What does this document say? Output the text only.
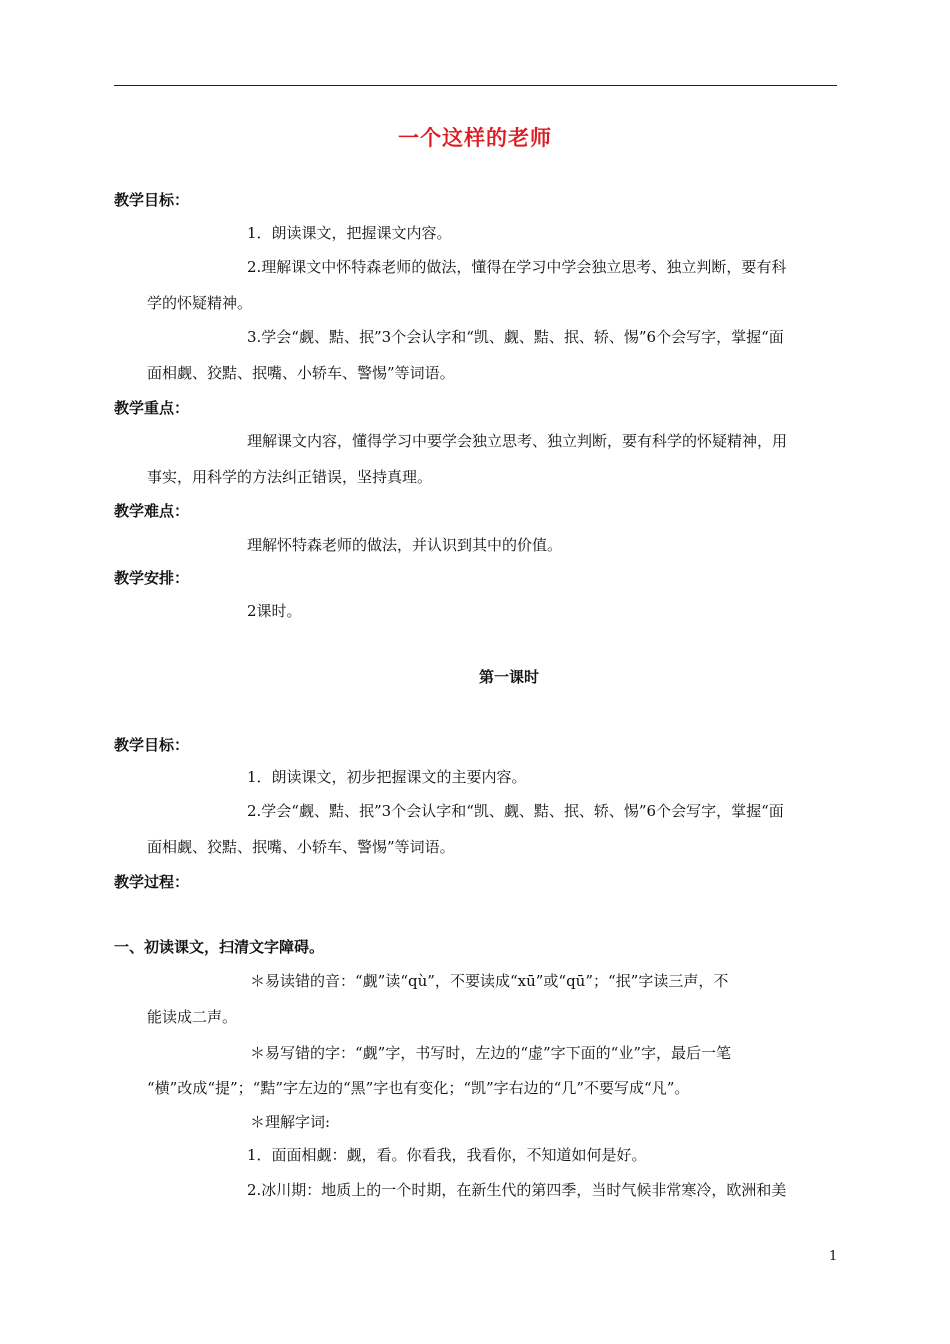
一个这样的老师
教学目标：
1．朗读课文，把握课文内容。
2.理解课文中怀特森老师的做法，懂得在学习中学会独立思考、独立判断，要有科
学的怀疑精神。
3.学会“觑、黠、抿”3个会认字和“凯、觑、黠、抿、轿、惕”6个会写字，掌握“面
面相觑、狡黠、抿嘴、小轿车、警惕”等词语。
教学重点：
理解课文内容，懂得学习中要学会独立思考、独立判断，要有科学的怀疑精神，用
事实，用科学的方法纠正错误，坚持真理。
教学难点：
理解怀特森老师的做法，并认识到其中的价值。
教学安排：
2课时。
第一课时
教学目标：
1．朗读课文，初步把握课文的主要内容。
2.学会“觑、黠、抿”3个会认字和“凯、觑、黠、抿、轿、惕”6个会写字，掌握“面
面相觑、狡黠、抿嘴、小轿车、警惕”等词语。
教学过程：
一、初读课文，扫清文字障碍。
＊易读错的音：“觑”读“qù”，不要读成“xū”或“qū”；“抿”字读三声，不
能读成二声。
＊易写错的字：“觑”字，书写时，左边的“虚”字下面的“业”字，最后一笔
“横”改成“提”；“黠”字左边的“黑”字也有变化；“凯”字右边的“几”不要写成“凡”。
＊理解字词:
1．面面相觑：觑，看。你看我，我看你，不知道如何是好。
2.冰川期：地质上的一个时期，在新生代的第四季，当时气候非常寒冷，欧洲和美
1
